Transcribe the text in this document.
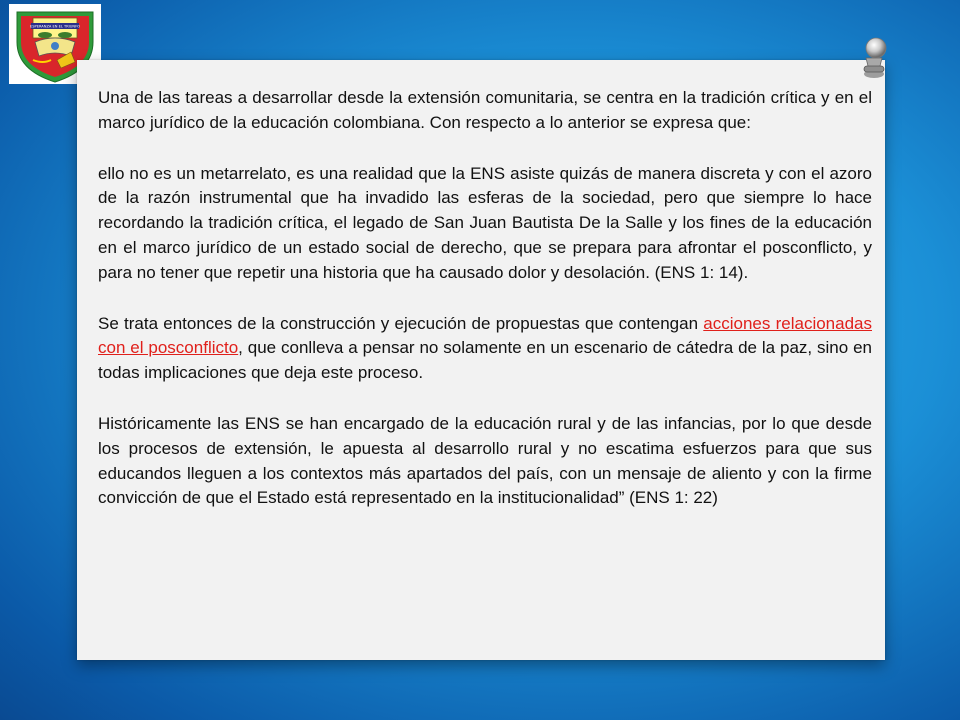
ESPERANZA EN EL TRIUNFO

Una de las tareas a desarrollar desde la extensión comunitaria, se centra en la tradición crítica y en el marco jurídico de la educación colombiana. Con respecto a lo anterior se expresa que:

ello no es un metarrelato, es una realidad que la ENS asiste quizás de manera discreta y con el azoro de la razón instrumental que ha invadido las esferas de la sociedad, pero que siempre lo hace recordando la tradición crítica, el legado de San Juan Bautista De la Salle y los fines de la educación en el marco jurídico de un estado social de derecho, que se prepara para afrontar el posconflicto, y para no tener que repetir una historia que ha causado dolor y desolación. (ENS 1: 14).

Se trata entonces de la construcción y ejecución de propuestas que contengan acciones relacionadas con el posconflicto, que conlleva a pensar no solamente en un escenario de cátedra de la paz, sino en todas implicaciones que deja este proceso.

Históricamente las ENS se han encargado de la educación rural y de las infancias, por lo que desde los procesos de extensión, le apuesta al desarrollo rural y no escatima esfuerzos para que sus educandos lleguen a los contextos más apartados del país, con un mensaje de aliento y con la firme convicción de que el Estado está representado en la institucionalidad” (ENS 1: 22)
